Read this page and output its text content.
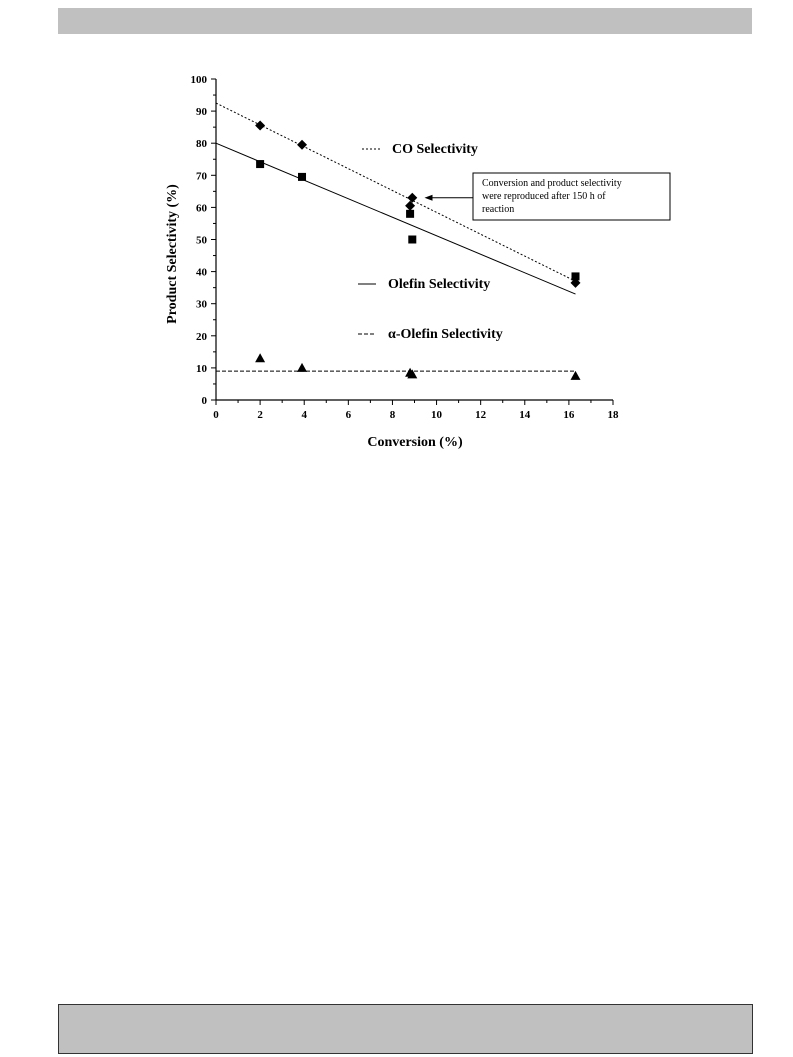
0	2	4	6	8	10	12	14	16	18
0
10
20
30
40
50
60
70
80
90
100
CO Selectivity
Olefin Selectivity
α-Olefin Selectivity
Conversion and product selectivity
were reproduced after 150 h of
reaction
Conversion (%)
Product Selectivity (%)
